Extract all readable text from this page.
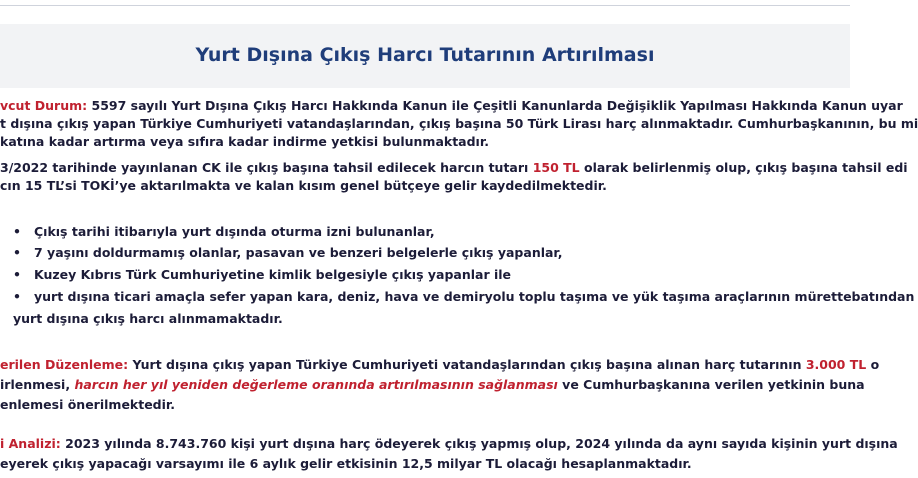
Yurt Dışına Çıkış Harcı Tutarının Artırılması
vcut Durum: 5597 sayılı Yurt Dışına Çıkış Harcı Hakkında Kanun ile Çeşitli Kanunlarda Değişiklik Yapılması Hakkında Kanun uyar
t dışına çıkış yapan Türkiye Cumhuriyeti vatandaşlarından, çıkış başına 50 Türk Lirası harç alınmaktadır. Cumhurbaşkanının, bu mi
katına kadar artırma veya sıfıra kadar indirme yetkisi bulunmaktadır.
3/2022 tarihinde yayınlanan CK ile çıkış başına tahsil edilecek harcın tutarı 150 TL olarak belirlenmiş olup, çıkış başına tahsil edi
cın 15 TL’si TOKİ’ye aktarılmakta ve kalan kısım genel bütçeye gelir kaydedilmektedir.
• Çıkış tarihi itibarıyla yurt dışında oturma izni bulunanlar,
• 7 yaşını doldurmamış olanlar, pasavan ve benzeri belgelerle çıkış yapanlar,
• Kuzey Kıbrıs Türk Cumhuriyetine kimlik belgesiyle çıkış yapanlar ile
• yurt dışına ticari amaçla sefer yapan kara, deniz, hava ve demiryolu toplu taşıma ve yük taşıma araçlarının mürettebatından
yurt dışına çıkış harcı alınmamaktadır.
erilen Düzenleme: Yurt dışına çıkış yapan Türkiye Cumhuriyeti vatandaşlarından çıkış başına alınan harç tutarının 3.000 TL o
irlenmesi, harcın her yıl yeniden değerleme oranında artırılmasının sağlanması ve Cumhurbaşkanına verilen yetkinin buna
enlemesi önerilmektedir.
i Analizi: 2023 yılında 8.743.760 kişi yurt dışına harç ödeyerek çıkış yapmış olup, 2024 yılında da aynı sayıda kişinin yurt dışına
eyerek çıkış yapacağı varsayımı ile 6 aylık gelir etkisinin 12,5 milyar TL olacağı hesaplanmaktadır.
